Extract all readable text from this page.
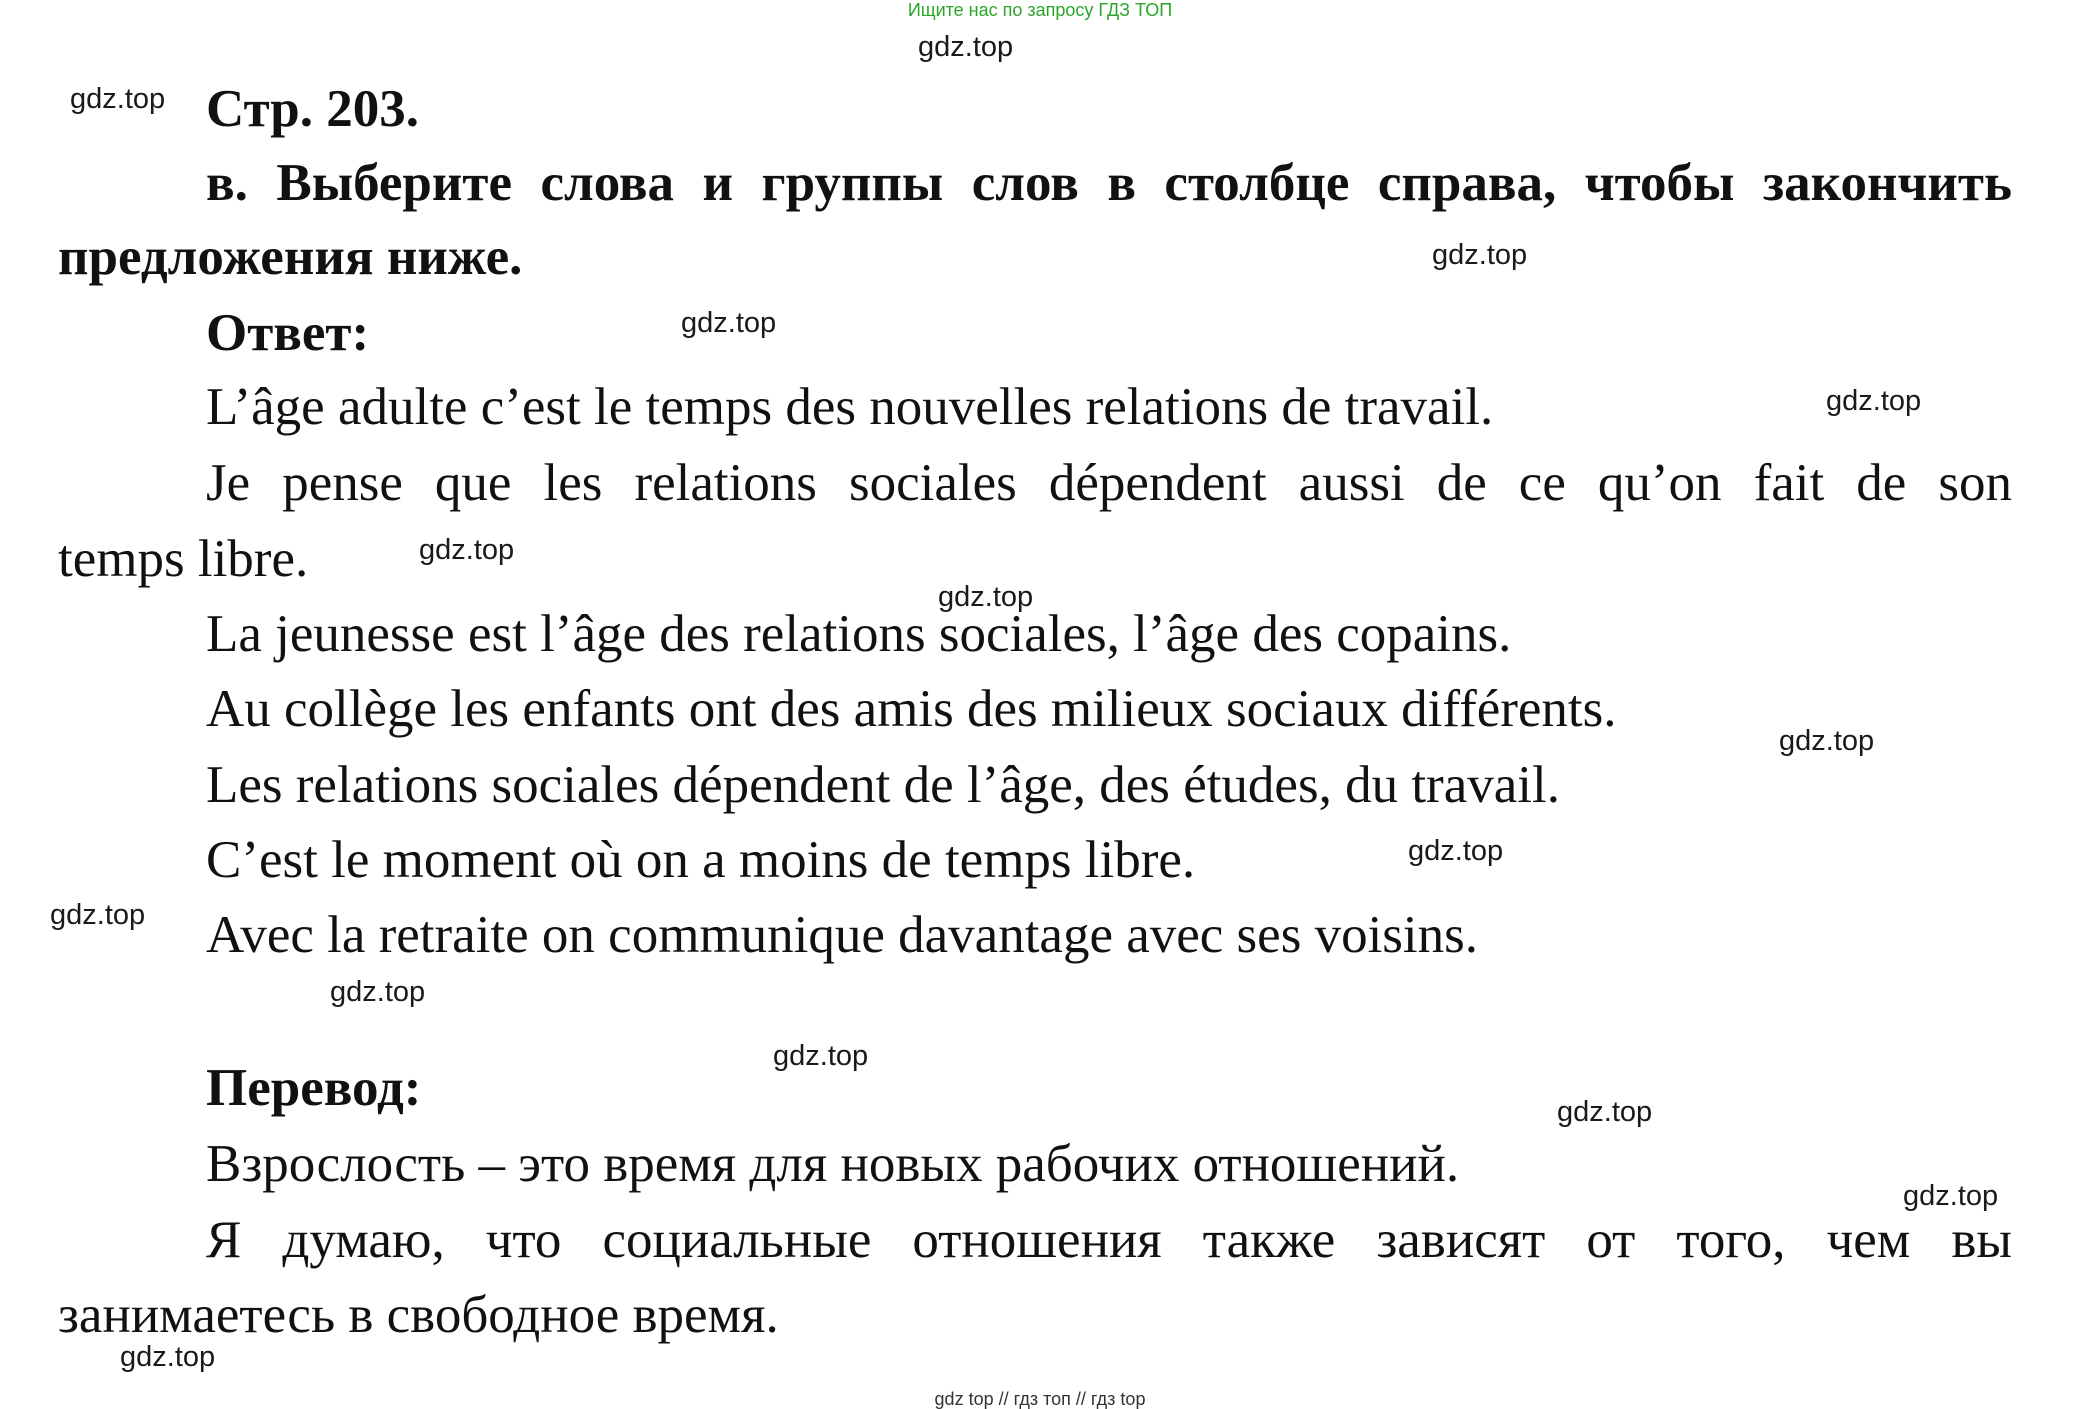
Ищите нас по запросу ГДЗ ТОП
gdz.top
gdz.top
gdz.top
gdz.top
gdz.top
gdz.top
gdz.top
gdz.top
gdz.top
gdz.top
gdz.top
gdz.top
gdz.top
gdz.top
gdz.top
Стр. 203.
в. Выберите слова и группы слов в столбце справа, чтобы закончить
предложения ниже.
Ответ:
L’âge adulte c’est le temps des nouvelles relations de travail.
Je pense que les relations sociales dépendent aussi de ce qu’on fait de son
temps libre.
La jeunesse est l’âge des relations sociales, l’âge des copains.
Au collège les enfants ont des amis des milieux sociaux différents.
Les relations sociales dépendent de l’âge, des études, du travail.
C’est le moment où on a moins de temps libre.
Avec la retraite on communique davantage avec ses voisins.
Перевод:
Взрослость – это время для новых рабочих отношений.
Я думаю, что социальные отношения также зависят от того, чем вы
занимаетесь в свободное время.
gdz top // гдз топ // гдз top
